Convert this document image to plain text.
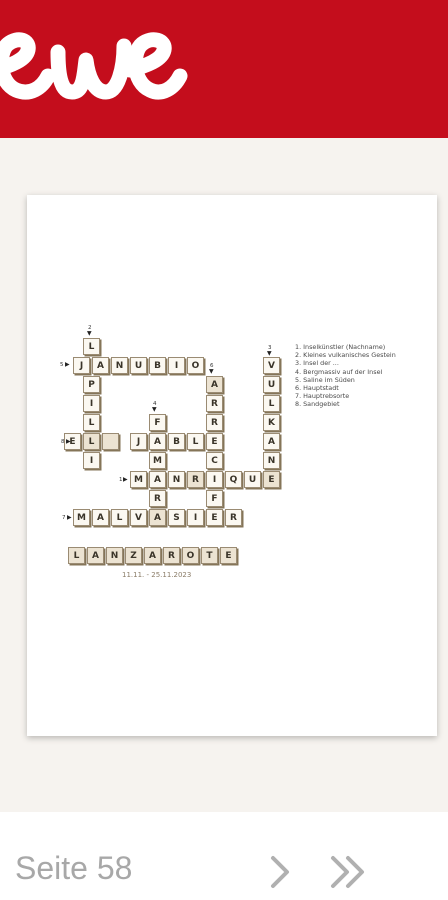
1. Inselkünstler (Nachname)
2. Kleines vulkanisches Gestein
3. Insel der ...
4. Bergmassiv auf der Insel
5. Saline im Süden
6. Hauptstadt
7. Hauptrebsorte
8. Sandgebiet
J	A	N	U	B	I	O
L
P
I
L
L
I
E	J	A	B	L	E
F
M
R
A
R
R
C
F
E
V
U
L
K
A
N
M	A	N	R	I	Q	U	E
M	A	L	V	A	S	I	R
2
▼
5 ▶	6
▼
3
▼
4
▼
8 ▶
1 ▶
7 ▶
L	A	N	Z	A	R	O	T	E
11.11. - 25.11.2023
Seite 58
